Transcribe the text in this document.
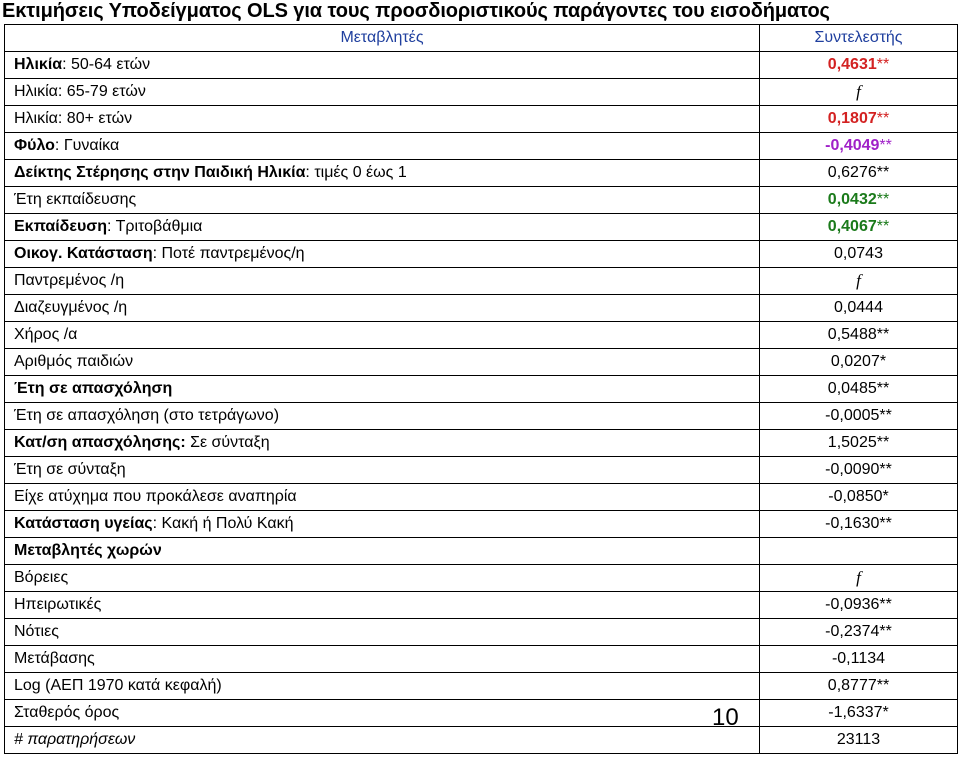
Εκτιμήσεις Υποδείγματος OLS για τους προσδιοριστικούς παράγοντες του εισοδήματος
Μεταβλητές	Συντελεστής
Ηλικία: 50-64 ετών	0,4631**
Ηλικία: 65-79 ετών	f
Ηλικία: 80+ ετών	0,1807**
Φύλο: Γυναίκα	-0,4049**
Δείκτης Στέρησης στην Παιδική Ηλικία: τιμές 0 έως 1	0,6276**
Έτη εκπαίδευσης	0,0432**
Εκπαίδευση: Τριτοβάθμια	0,4067**
Οικογ. Κατάσταση: Ποτέ παντρεμένος/η	0,0743
Παντρεμένος /η	f
Διαζευγμένος /η	0,0444
Χήρος /α	0,5488**
Αριθμός παιδιών	0,0207*
Έτη σε απασχόληση	0,0485**
Έτη σε απασχόληση (στο τετράγωνο)	-0,0005**
Κατ/ση απασχόλησης: Σε σύνταξη	1,5025**
Έτη σε σύνταξη	-0,0090**
Είχε ατύχημα που προκάλεσε αναπηρία	-0,0850*
Κατάσταση υγείας: Κακή ή Πολύ Κακή	-0,1630**
Μεταβλητές χωρών	
Βόρειες	f
Ηπειρωτικές	-0,0936**
Νότιες	-0,2374**
Μετάβασης	-0,1134
Log (ΑΕΠ 1970 κατά κεφαλή)	0,8777**
Σταθερός όρος	-1,6337*
# παρατηρήσεων	23113
10
